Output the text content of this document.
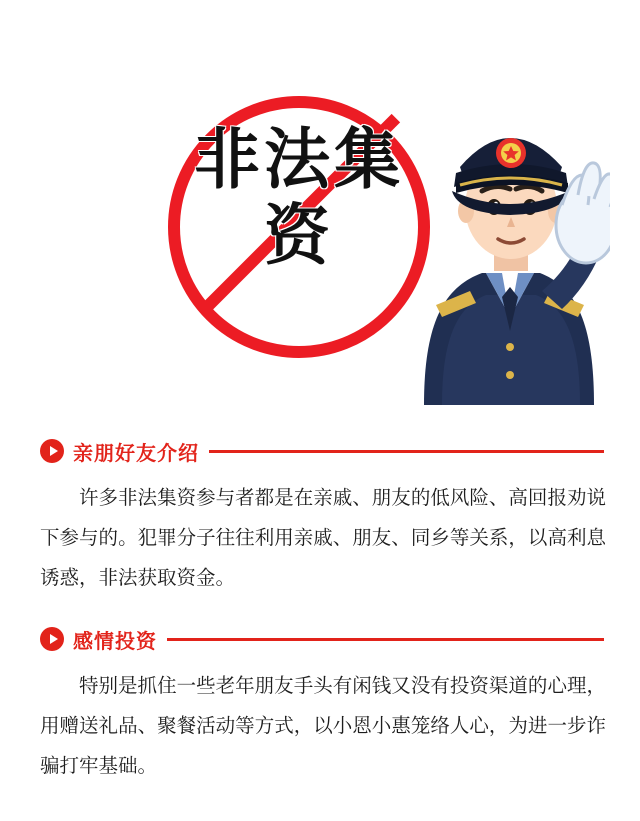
非法集资
亲朋好友介绍

许多非法集资参与者都是在亲戚、朋友的低风险、高回报劝说下参与的。犯罪分子往往利用亲戚、朋友、同乡等关系，以高利息诱惑，非法获取资金。

感情投资

特别是抓住一些老年朋友手头有闲钱又没有投资渠道的心理，用赠送礼品、聚餐活动等方式，以小恩小惠笼络人心，为进一步诈骗打牢基础。
